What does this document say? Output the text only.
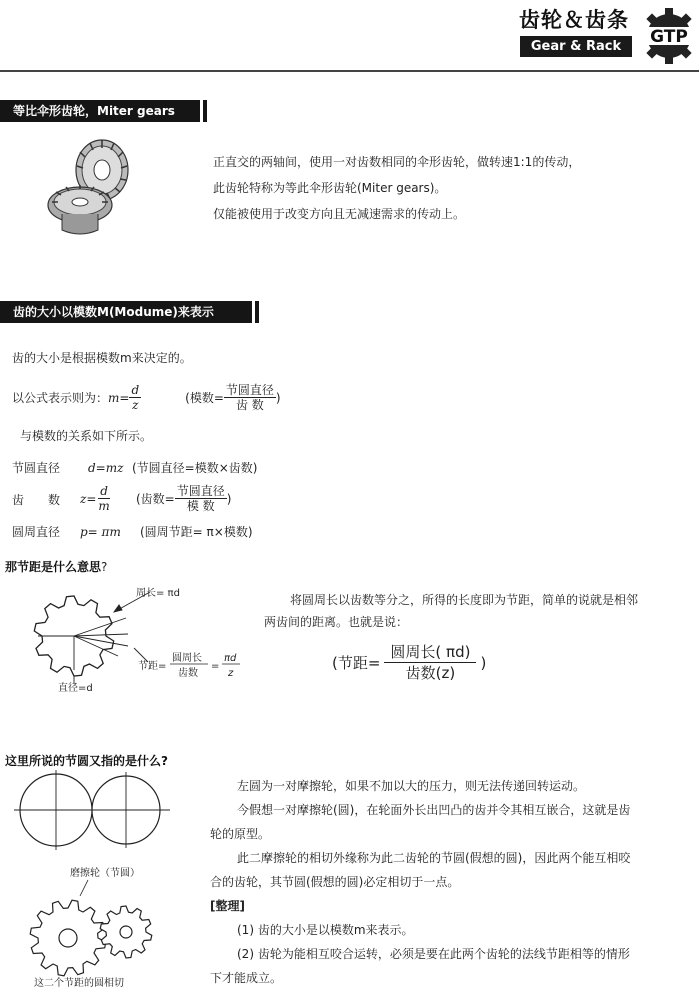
齿轮＆齿条
Gear & Rack	GTP
等比伞形齿轮，Miter gears
正直交的两轴间，使用一对齿数相同的伞形齿轮，做转速1:1的传动，
此齿轮特称为等此伞形齿轮(Miter gears)。
仅能被使用于改变方向且无减速需求的传动上。
齿的大小以模数M(Modume)来表示
齿的大小是根据模数m来决定的。
以公式表示则为： $m= \frac{d}{z}$	(模数= $\frac{\text{节圆直径}}{\text{齿 数}}$ )
与模数的关系如下所示。
节圆直径 d=mz (节圆直径=模数×齿数)
齿　　数 $z= \frac{d}{m}$ (齿数= $\frac{\text{节圆直径}}{\text{模 数}}$ )
圆周直径 p= πm (圆周节距= π×模数)
那节距是什么意思?
周长= πd
节距=
圆周长
齿数
=
πd
z
直径=d
将圆周长以齿数等分之，所得的长度即为节距，简单的说就是相邻
两齿间的距离。也就是说：
(节距= $\frac{\text{圆周长( πd)}}{\text{齿数(z)}}$ )
这里所说的节圆又指的是什么?
磨擦轮（节圆）
这二个节距的圆相切
左圆为一对摩擦轮，如果不加以大的压力，则无法传递回转运动。
今假想一对摩擦轮(圆)，在轮面外长出凹凸的齿并令其相互嵌合，这就是齿
轮的原型。
此二摩擦轮的相切外缘称为此二齿轮的节圆(假想的圆)，因此两个能互相咬
合的齿轮，其节圆(假想的圆)必定相切于一点。
[整理]
(1) 齿的大小是以模数m来表示。
(2) 齿轮为能相互咬合运转，必须是要在此两个齿轮的法线节距相等的情形
下才能成立。
